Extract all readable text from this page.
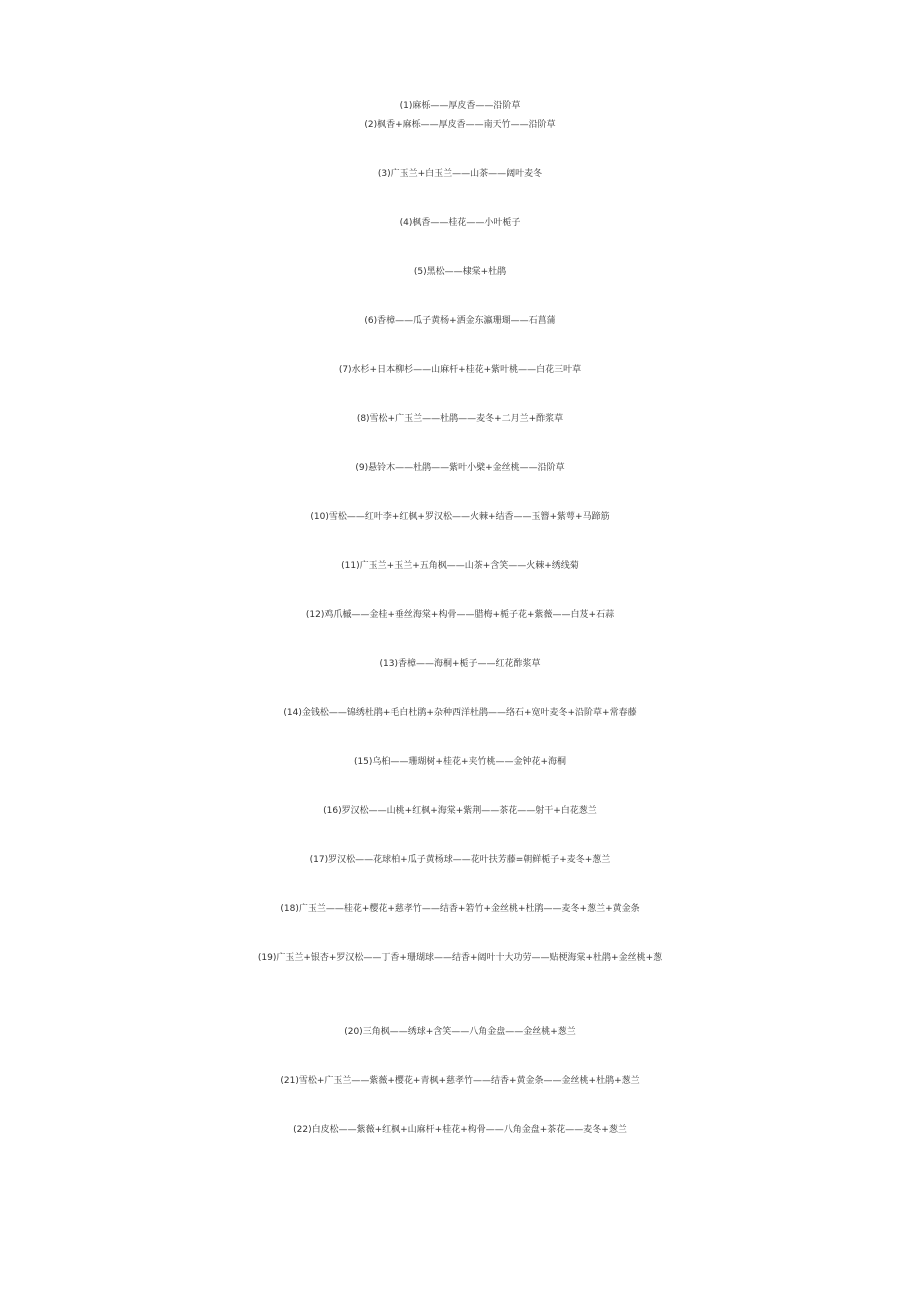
(1)麻栎——厚皮香——沿阶草
(2)枫香+麻栎——厚皮香——南天竹——沿阶草
(3)广玉兰+白玉兰——山茶——阔叶麦冬
(4)枫香——桂花——小叶栀子
(5)黑松——棣棠+杜鹃
(6)香樟——瓜子黄杨+洒金东瀛珊瑚——石菖蒲
(7)水杉+日本柳杉——山麻杆+桂花+紫叶桃——白花三叶草
(8)雪松+广玉兰——杜鹃——麦冬+二月兰+酢浆草
(9)悬铃木——杜鹃——紫叶小檗+金丝桃——沿阶草
(10)雪松——红叶李+红枫+罗汉松——火棘+结香——玉簪+紫萼+马蹄筋
(11)广玉兰+玉兰+五角枫——山茶+含笑——火棘+绣线菊
(12)鸡爪槭——金桂+垂丝海棠+构骨——腊梅+栀子花+紫薇——白芨+石蒜
(13)香樟——海桐+栀子——红花酢浆草
(14)金钱松——锦绣杜鹃+毛白杜鹃+杂种西洋杜鹃——络石+宽叶麦冬+沿阶草+常春藤
(15)乌桕——珊瑚树+桂花+夹竹桃——金钟花+海桐
(16)罗汉松——山桃+红枫+海棠+紫荆——茶花——射干+白花葱兰
(17)罗汉松——花球柏+瓜子黄杨球——花叶扶芳藤=朝鲜栀子+麦冬+葱兰
(18)广玉兰——桂花+樱花+慈孝竹——结香+箬竹+金丝桃+杜鹃——麦冬+葱兰+黄金条
(19)广玉兰+银杏+罗汉松——丁香+珊瑚球——结香+阔叶十大功劳——贴梗海棠+杜鹃+金丝桃+葱
(20)三角枫——绣球+含笑——八角金盘——金丝桃+葱兰
(21)雪松+广玉兰——紫薇+樱花+青枫+慈孝竹——结香+黄金条——金丝桃+杜鹃+葱兰
(22)白皮松——紫薇+红枫+山麻杆+桂花+构骨——八角金盘+茶花——麦冬+葱兰
